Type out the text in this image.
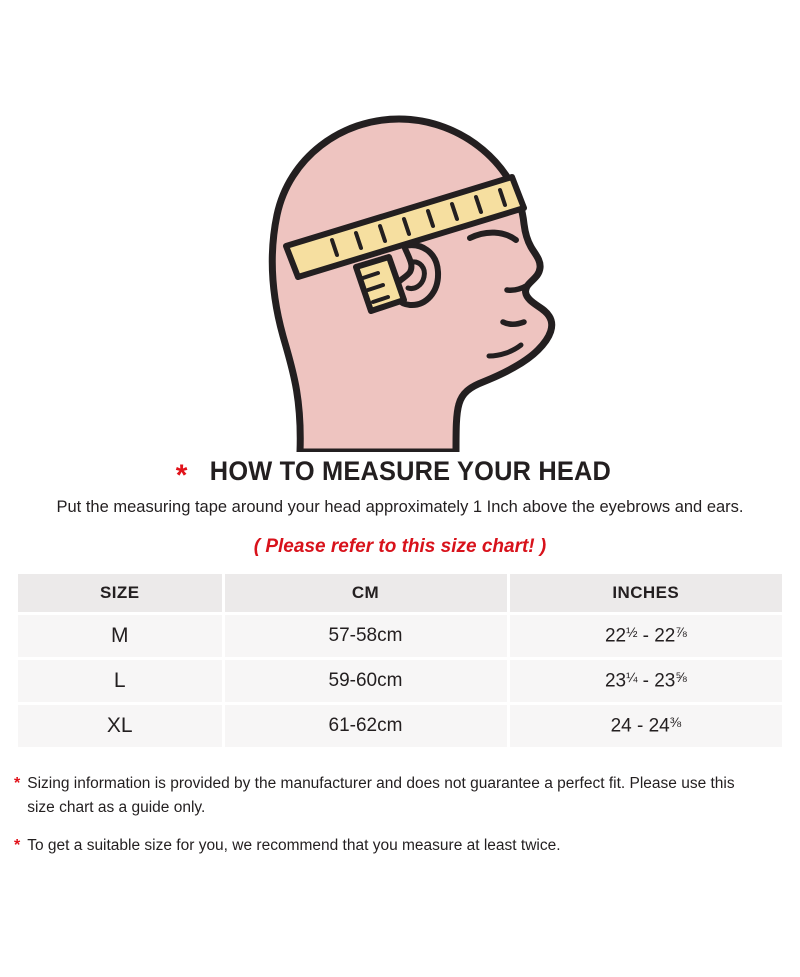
* HOW TO MEASURE YOUR HEAD
Put the measuring tape around your head approximately 1 Inch above the eyebrows and ears.
( Please refer to this size chart! )
SIZE	CM	INCHES
M	57-58cm	$22^{\frac{1}{2}} - 22^{\frac{7}{8}}$
L	59-60cm	$23^{\frac{1}{4}} - 23^{\frac{5}{8}}$
XL	61-62cm	$24 - 24^{\frac{3}{8}}$
* Sizing information is provided by the manufacturer and does not guarantee a perfect fit. Please use this size chart as a guide only.
* To get a suitable size for you, we recommend that you measure at least twice.
